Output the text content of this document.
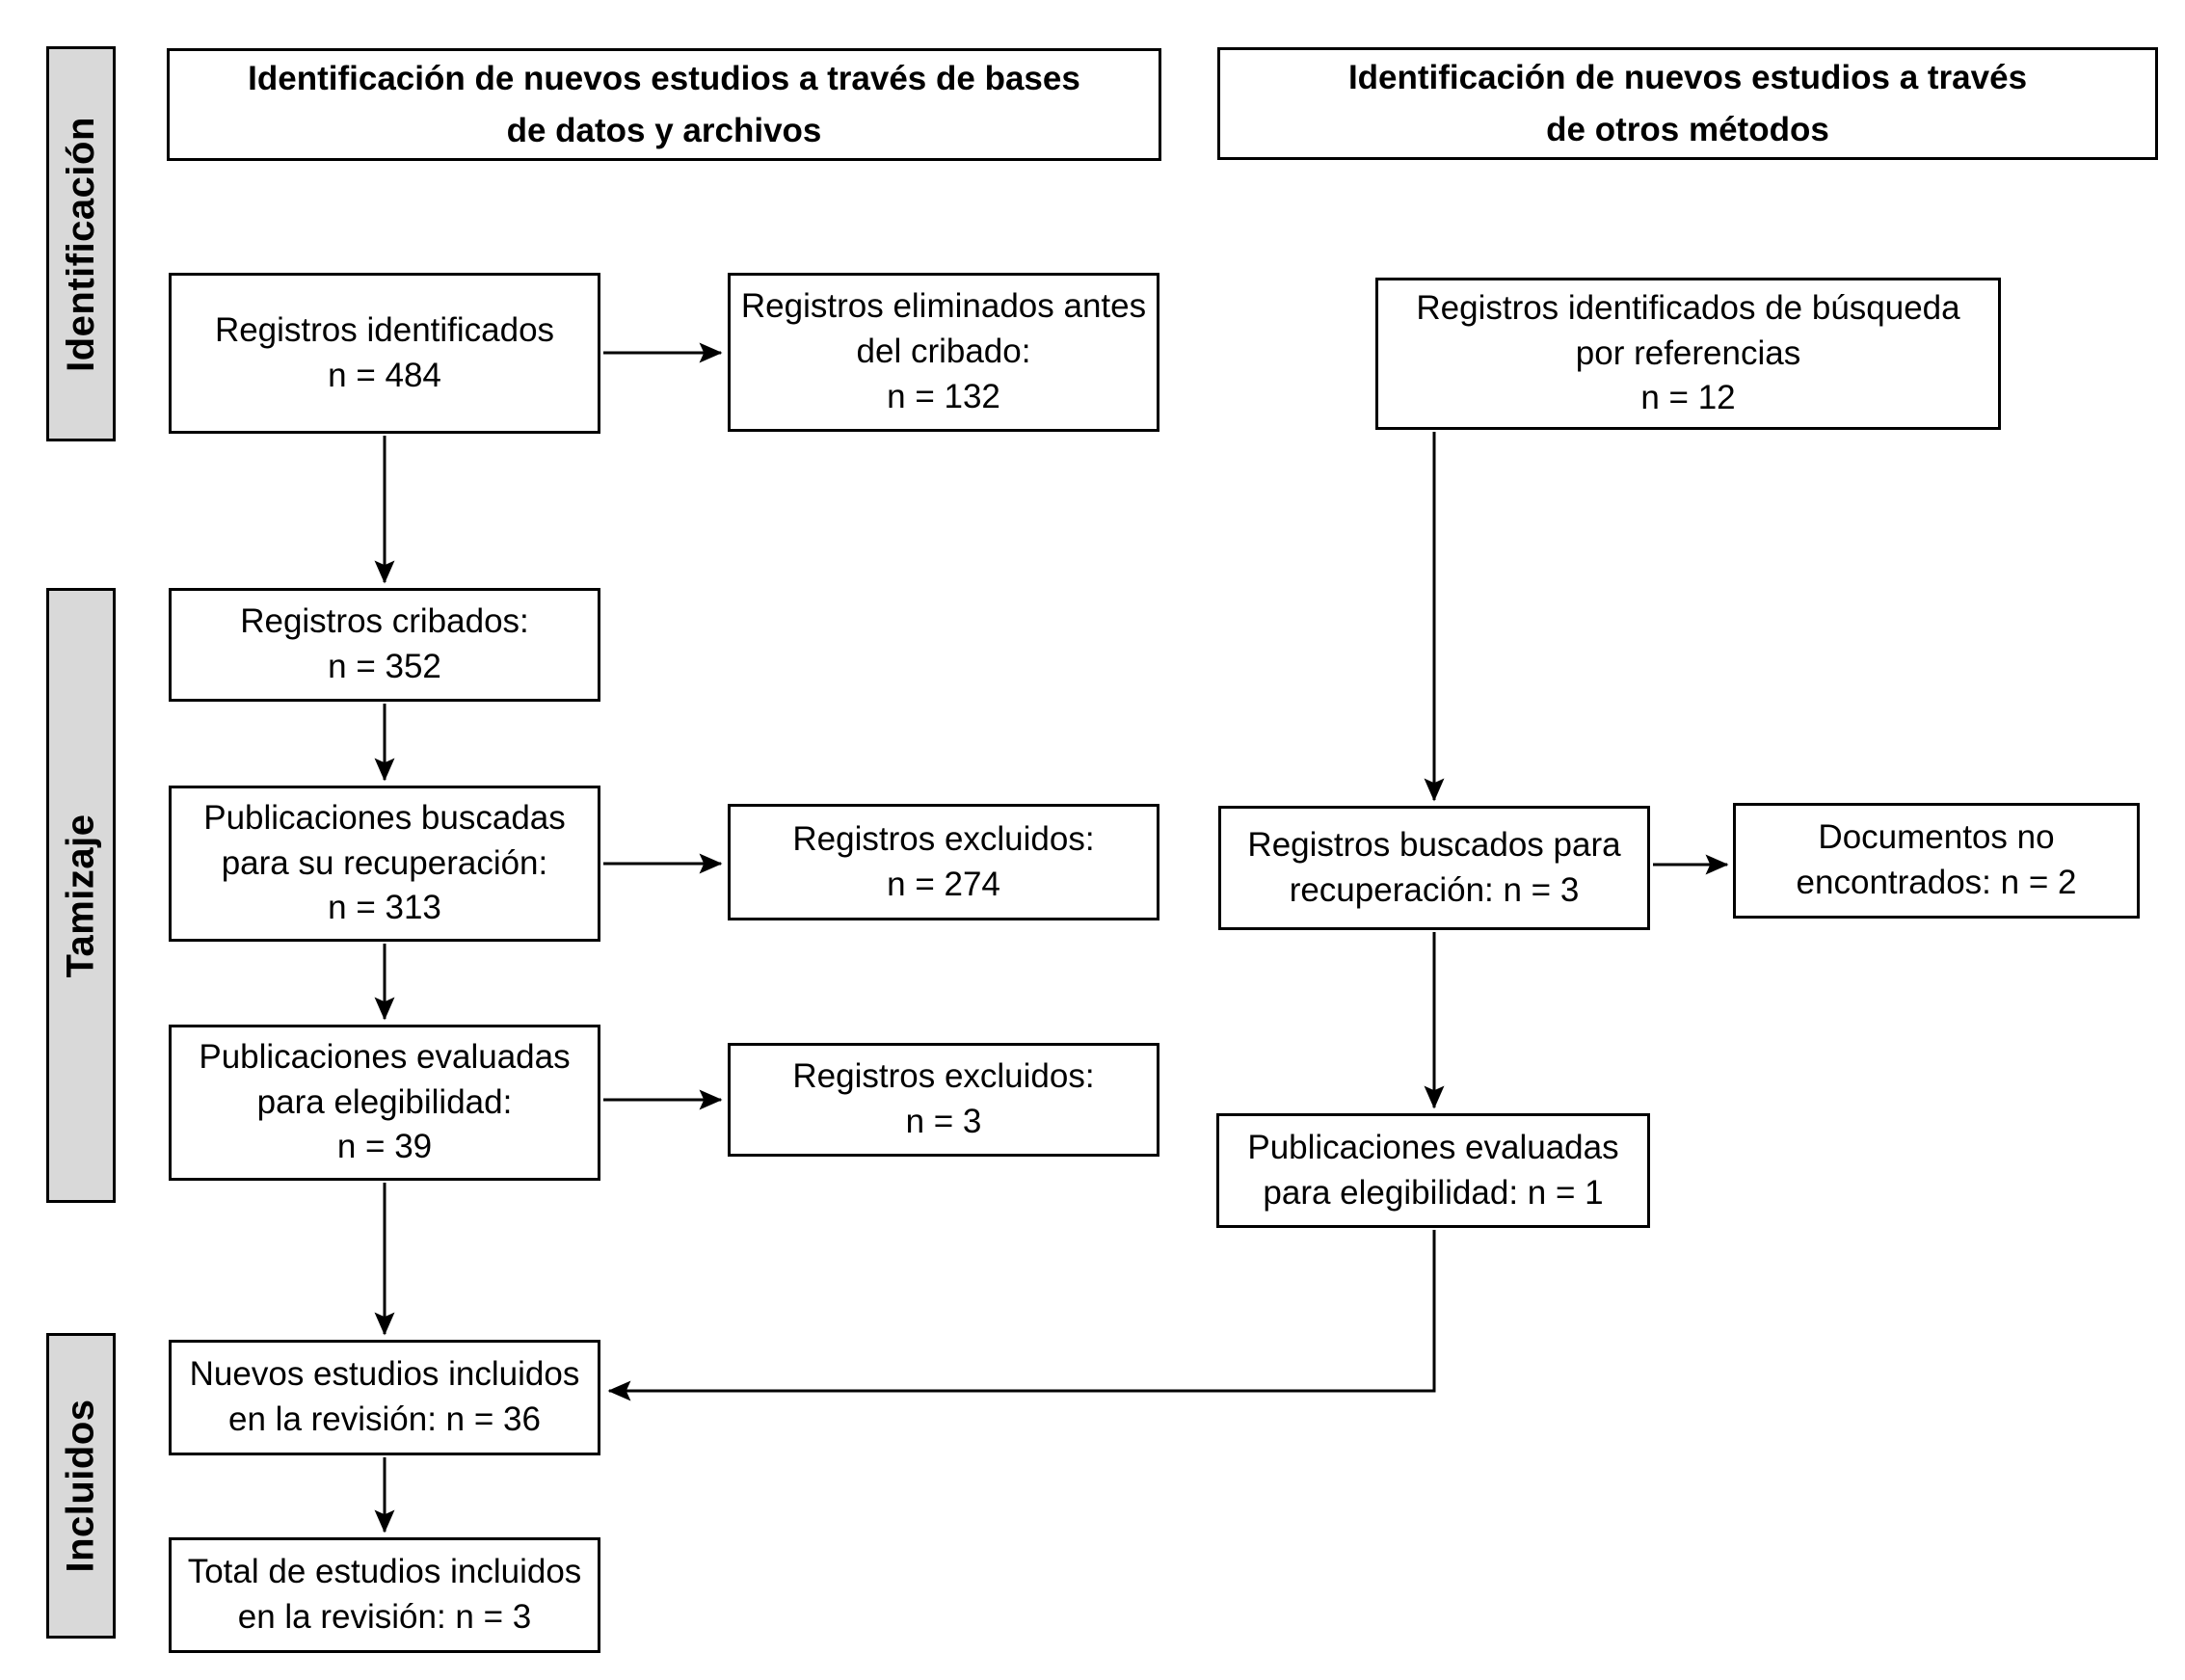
Identificación
Tamizaje
Incluidos
Identificación de nuevos estudios a través de bases
de datos y archivos
Identificación de nuevos estudios a través
de otros métodos
Registros identificados
n = 484
Registros cribados:
n = 352
Publicaciones buscadas
para su recuperación:
n = 313
Publicaciones evaluadas
para elegibilidad:
n = 39
Nuevos estudios incluidos
en la revisión: n = 36
Total de estudios incluidos
en la revisión: n = 3
Registros eliminados antes
del cribado:
n = 132
Registros excluidos:
n = 274
Registros excluidos:
n = 3
Registros identificados de búsqueda
por referencias
n = 12
Registros buscados para
recuperación: n = 3
Documentos no
encontrados: n = 2
Publicaciones evaluadas
para elegibilidad: n = 1
